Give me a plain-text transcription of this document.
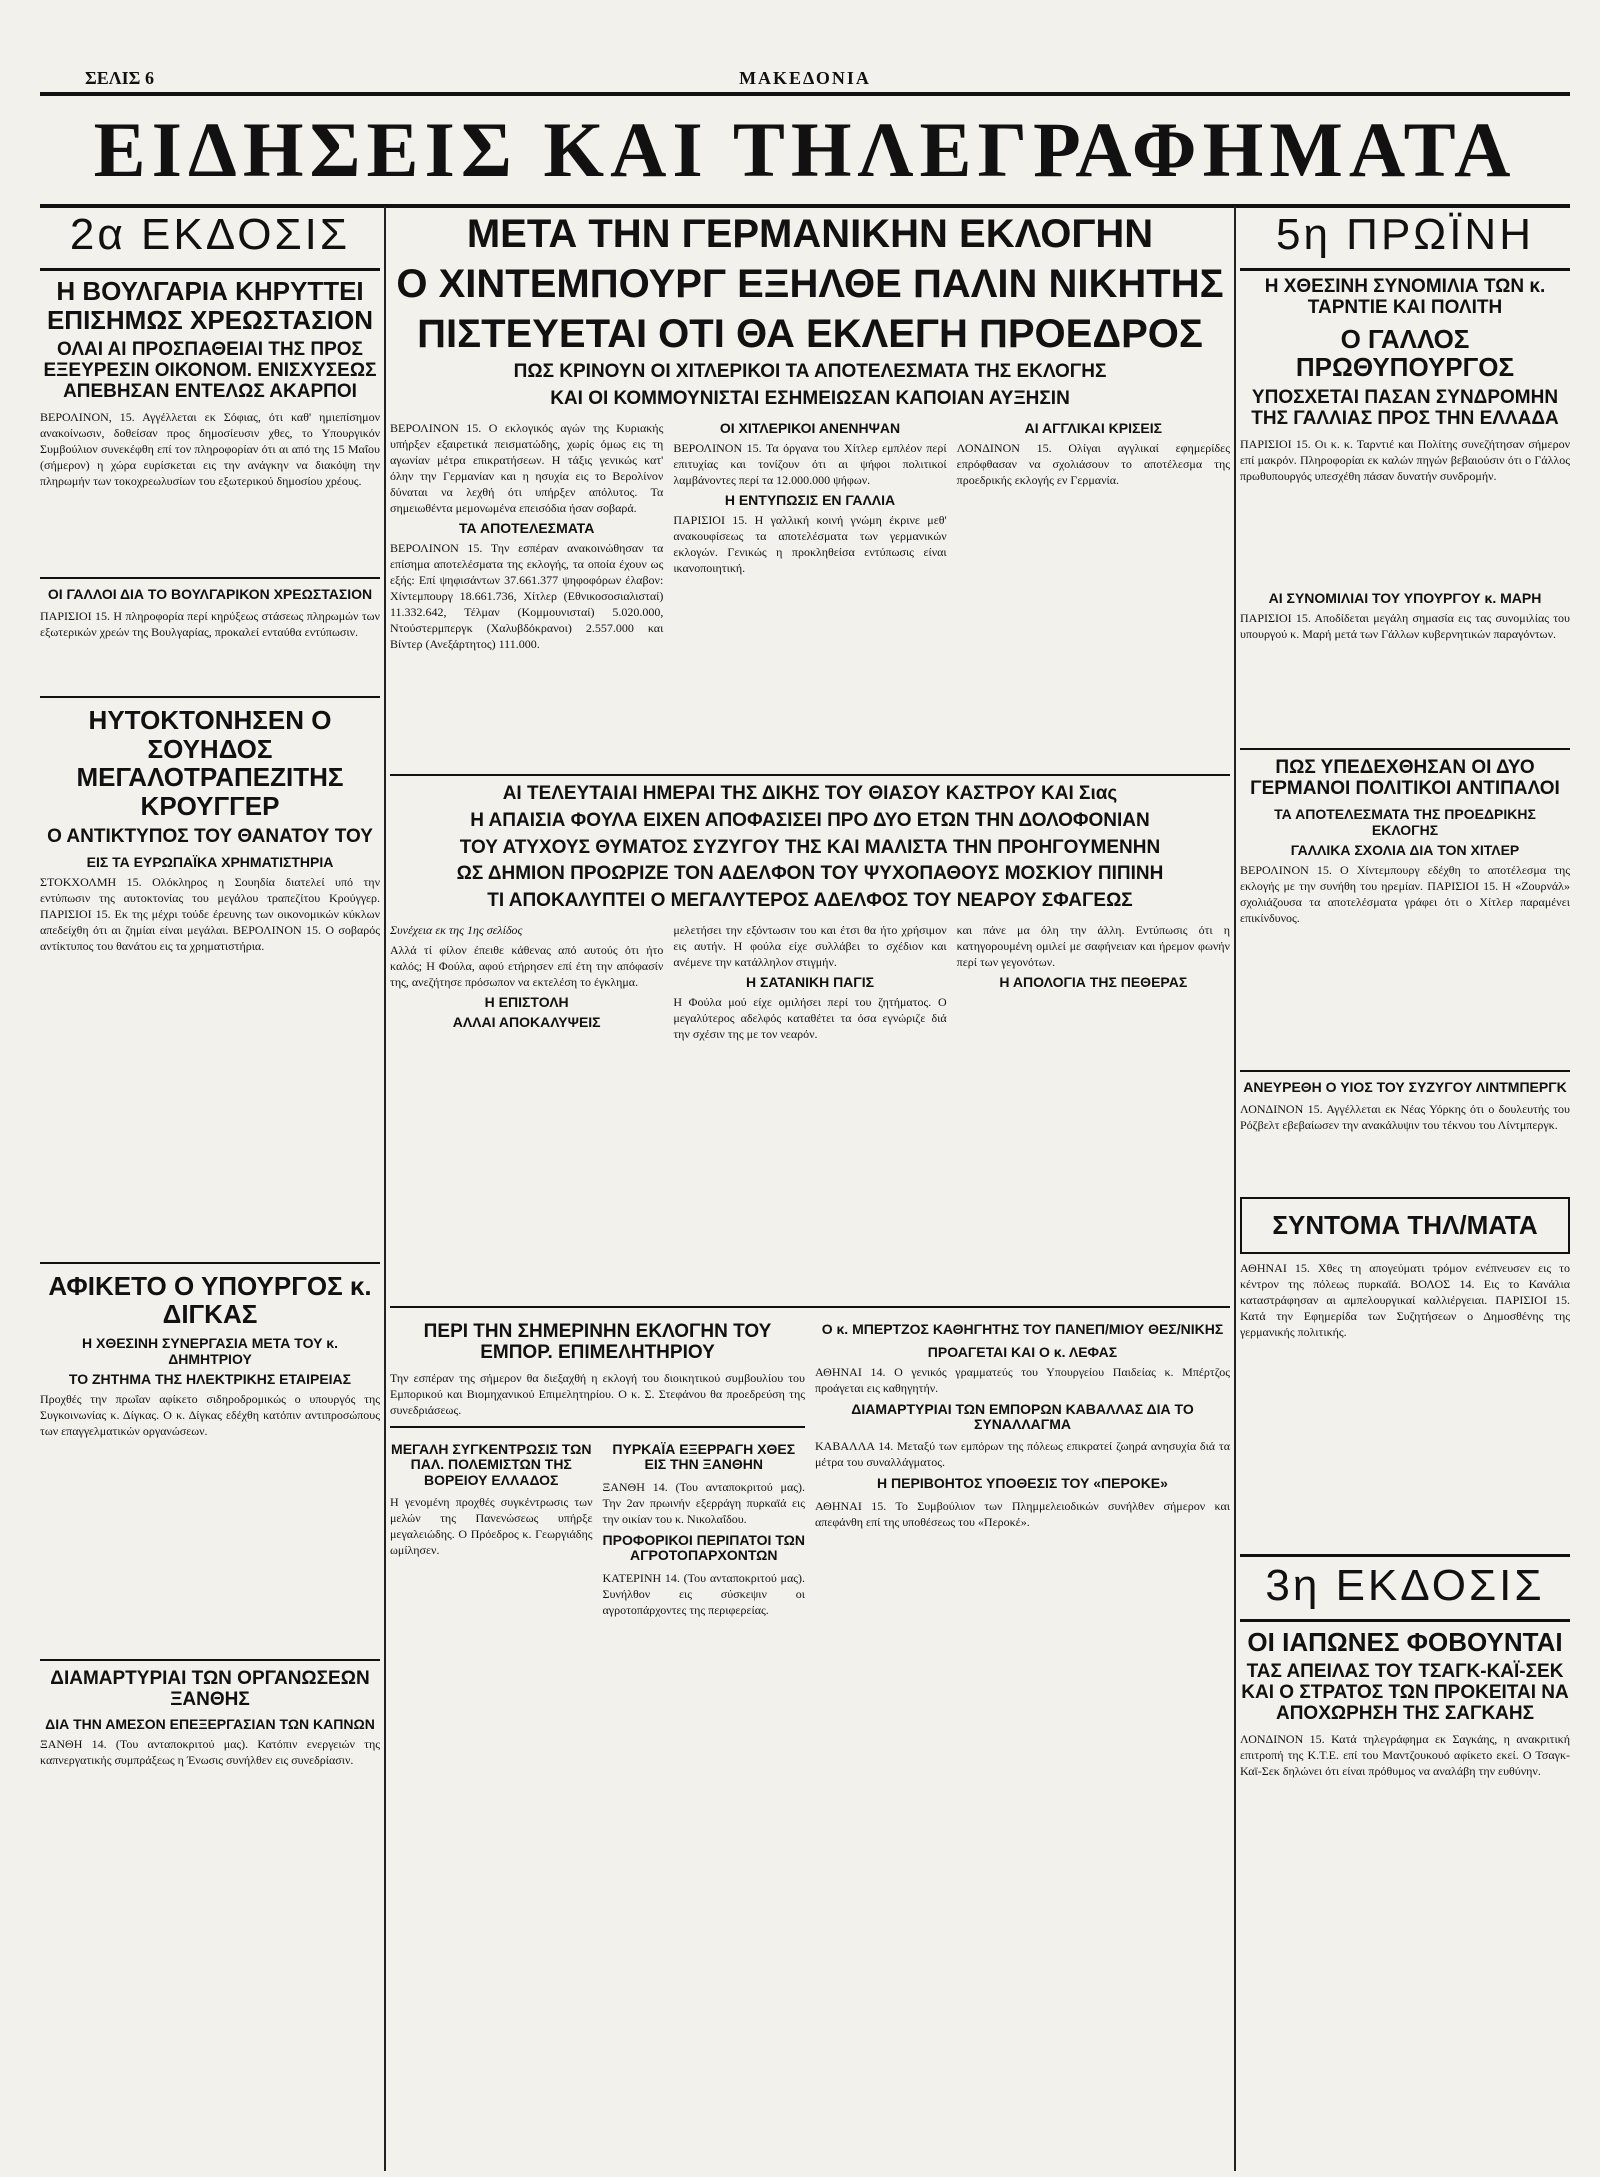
ΣΕΛΙΣ 6	ΜΑΚΕΔΟΝΙΑ
ΕΙΔΗΣΕΙΣ ΚΑΙ ΤΗΛΕΓΡΑΦΗΜΑΤΑ
2α ΕΚΔΟΣΙΣ
Η ΒΟΥΛΓΑΡΙΑ ΚΗΡΥΤΤΕΙ ΕΠΙΣΗΜΩΣ ΧΡΕΩΣΤΑΣΙΟΝ
ΟΛΑΙ ΑΙ ΠΡΟΣΠΑΘΕΙΑΙ ΤΗΣ ΠΡΟΣ ΕΞΕΥΡΕΣΙΝ ΟΙΚΟΝΟΜ. ΕΝΙΣΧΥΣΕΩΣ ΑΠΕΒΗΣΑΝ ΕΝΤΕΛΩΣ ΑΚΑΡΠΟΙ
ΒΕΡΟΛΙΝΟΝ, 15. Αγγέλλεται εκ Σόφιας, ότι καθ' ημιεπίσημον ανακοίνωσιν, δοθείσαν προς δημοσίευσιν χθες, το Υπουργικόν Συμβούλιον συνεκέφθη επί τον πληροφορίαν ότι αι από της 15 Μαΐου (σήμερον) η χώρα ευρίσκεται εις την ανάγκην να διακόψη την πληρωμήν των τοκοχρεωλυσίων του εξωτερικού δημοσίου χρέους.
ΟΙ ΓΑΛΛΟΙ ΔΙΑ ΤΟ ΒΟΥΛΓΑΡΙΚΟΝ ΧΡΕΩΣΤΑΣΙΟΝ
ΠΑΡΙΣΙΟΙ 15. Η πληροφορία περί κηρύξεως στάσεως πληρωμών των εξωτερικών χρεών της Βουλγαρίας, προκαλεί ενταύθα εντύπωσιν.
ΗΥΤΟΚΤΟΝΗΣΕΝ Ο ΣΟΥΗΔΟΣ ΜΕΓΑΛΟΤΡΑΠΕΖΙΤΗΣ ΚΡΟΥΓΓΕΡ
Ο ΑΝΤΙΚΤΥΠΟΣ ΤΟΥ ΘΑΝΑΤΟΥ ΤΟΥ
ΕΙΣ ΤΑ ΕΥΡΩΠΑΪΚΑ ΧΡΗΜΑΤΙΣΤΗΡΙΑ
ΣΤΟΚΧΟΛΜΗ 15. Ολόκληρος η Σουηδία διατελεί υπό την εντύπωσιν της αυτοκτονίας του μεγάλου τραπεζίτου Κρούγγερ. ΠΑΡΙΣΙΟΙ 15. Εκ της μέχρι τούδε έρευνης των οικονομικών κύκλων απεδείχθη ότι αι ζημίαι είναι μεγάλαι. ΒΕΡΟΛΙΝΟΝ 15. Ο σοβαρός αντίκτυπος του θανάτου εις τα χρηματιστήρια.
ΑΦΙΚΕΤΟ Ο ΥΠΟΥΡΓΟΣ κ. ΔΙΓΚΑΣ
Η ΧΘΕΣΙΝΗ ΣΥΝΕΡΓΑΣΙΑ ΜΕΤΑ ΤΟΥ κ. ΔΗΜΗΤΡΙΟΥ
ΤΟ ΖΗΤΗΜΑ ΤΗΣ ΗΛΕΚΤΡΙΚΗΣ ΕΤΑΙΡΕΙΑΣ
Προχθές την πρωΐαν αφίκετο σιδηροδρομικώς ο υπουργός της Συγκοινωνίας κ. Δίγκας. Ο κ. Δίγκας εδέχθη κατόπιν αντιπροσώπους των επαγγελματικών οργανώσεων.
ΔΙΑΜΑΡΤΥΡΙΑΙ ΤΩΝ ΟΡΓΑΝΩΣΕΩΝ ΞΑΝΘΗΣ
ΔΙΑ ΤΗΝ ΑΜΕΣΟΝ ΕΠΕΞΕΡΓΑΣΙΑΝ ΤΩΝ ΚΑΠΝΩΝ
ΞΑΝΘΗ 14. (Του ανταποκριτού μας). Κατόπιν ενεργειών της καπνεργατικής συμπράξεως η Ένωσις συνήλθεν εις συνεδρίασιν.
ΜΕΤΑ ΤΗΝ ΓΕΡΜΑΝΙΚΗΝ ΕΚΛΟΓΗΝ
Ο ΧΙΝΤΕΜΠΟΥΡΓ ΕΞΗΛΘΕ ΠΑΛΙΝ ΝΙΚΗΤΗΣ
ΠΙΣΤΕΥΕΤΑΙ ΟΤΙ ΘΑ ΕΚΛΕΓΗ ΠΡΟΕΔΡΟΣ
ΠΩΣ ΚΡΙΝΟΥΝ ΟΙ ΧΙΤΛΕΡΙΚΟΙ ΤΑ ΑΠΟΤΕΛΕΣΜΑΤΑ ΤΗΣ ΕΚΛΟΓΗΣ
ΚΑΙ ΟΙ ΚΟΜΜΟΥΝΙΣΤΑΙ ΕΣΗΜΕΙΩΣΑΝ ΚΑΠΟΙΑΝ ΑΥΞΗΣΙΝ
ΒΕΡΟΛΙΝΟΝ 15. Ο εκλογικός αγών της Κυριακής υπήρξεν εξαιρετικά πεισματώδης, χωρίς όμως εις τη αγωνίαν μέτρα επικρατήσεων. Η τάξις γενικώς κατ' όλην την Γερμανίαν και η ησυχία εις το Βερολίνον δύναται να λεχθή ότι υπήρξεν απόλυτος. Τα σημειωθέντα μεμονωμένα επεισόδια ήσαν σοβαρά.
ΤΑ ΑΠΟΤΕΛΕΣΜΑΤΑ
ΒΕΡΟΛΙΝΟΝ 15. Την εσπέραν ανακοινώθησαν τα επίσημα αποτελέσματα της εκλογής, τα οποία έχουν ως εξής: Επί ψηφισάντων 37.661.377 ψηφοφόρων έλαβον: Χίντεμπουργ 18.661.736, Χίτλερ (Εθνικοσοσιαλισταί) 11.332.642, Τέλμαν (Κομμουνισταί) 5.020.000, Ντούστερμπεργκ (Χαλυβδόκρανοι) 2.557.000 και Βίντερ (Ανεξάρτητος) 111.000.
ΟΙ ΧΙΤΛΕΡΙΚΟΙ ΑΝΕΝΗΨΑΝ
ΒΕΡΟΛΙΝΟΝ 15. Τα όργανα του Χίτλερ εμπλέον περί επιτυχίας και τονίζουν ότι αι ψήφοι πολιτικοί λαμβάνοντες περί τα 12.000.000 ψήφων.
Η ΕΝΤΥΠΩΣΙΣ ΕΝ ΓΑΛΛΙΑ
ΠΑΡΙΣΙΟΙ 15. Η γαλλική κοινή γνώμη έκρινε μεθ' ανακουφίσεως τα αποτελέσματα των γερμανικών εκλογών. Γενικώς η προκληθείσα εντύπωσις είναι ικανοποιητική.
ΑΙ ΑΓΓΛΙΚΑΙ ΚΡΙΣΕΙΣ
ΛΟΝΔΙΝΟΝ 15. Ολίγαι αγγλικαί εφημερίδες επρόφθασαν να σχολιάσουν το αποτέλεσμα της προεδρικής εκλογής εν Γερμανία.
ΑΙ ΤΕΛΕΥΤΑΙΑΙ ΗΜΕΡΑΙ ΤΗΣ ΔΙΚΗΣ ΤΟΥ ΘΙΑΣΟΥ ΚΑΣΤΡΟΥ ΚΑΙ Σιας
Η ΑΠΑΙΣΙΑ ΦΟΥΛΑ ΕΙΧΕΝ ΑΠΟΦΑΣΙΣΕΙ ΠΡΟ ΔΥΟ ΕΤΩΝ ΤΗΝ ΔΟΛΟΦΟΝΙΑΝ
ΤΟΥ ΑΤΥΧΟΥΣ ΘΥΜΑΤΟΣ ΣΥΖΥΓΟΥ ΤΗΣ ΚΑΙ ΜΑΛΙΣΤΑ ΤΗΝ ΠΡΟΗΓΟΥΜΕΝΗΝ
ΩΣ ΔΗΜΙΟΝ ΠΡΟΩΡΙΖΕ ΤΟΝ ΑΔΕΛΦΟΝ ΤΟΥ ΨΥΧΟΠΑΘΟΥΣ ΜΟΣΚΙΟΥ ΠΙΠΙΝΗ
ΤΙ ΑΠΟΚΑΛΥΠΤΕΙ Ο ΜΕΓΑΛΥΤΕΡΟΣ ΑΔΕΛΦΟΣ ΤΟΥ ΝΕΑΡΟΥ ΣΦΑΓΕΩΣ
Συνέχεια εκ της 1ης σελίδος
Αλλά τί φίλον έπειθε κάθενας από αυτούς ότι ήτο καλός; Η Φούλα, αφού ετήρησεν επί έτη την απόφασίν της, ανεζήτησε πρόσωπον να εκτελέση το έγκλημα.
Η ΕΠΙΣΤΟΛΗ
ΑΛΛΑΙ ΑΠΟΚΑΛΥΨΕΙΣ
μελετήσει την εξόντωσιν του και έτσι θα ήτο χρήσιμον εις αυτήν. Η φούλα είχε συλλάβει το σχέδιον και ανέμενε την κατάλληλον στιγμήν.
Η ΣΑΤΑΝΙΚΗ ΠΑΓΙΣ
Η Φούλα μού είχε ομιλήσει περί του ζητήματος. Ο μεγαλύτερος αδελφός καταθέτει τα όσα εγνώριζε διά την σχέσιν της με τον νεαρόν.
και πάνε μα όλη την άλλη. Εντύπωσις ότι η κατηγορουμένη ομιλεί με σαφήνειαν και ήρεμον φωνήν περί των γεγονότων.
Η ΑΠΟΛΟΓΙΑ ΤΗΣ ΠΕΘΕΡΑΣ
ΠΕΡΙ ΤΗΝ ΣΗΜΕΡΙΝΗΝ ΕΚΛΟΓΗΝ ΤΟΥ ΕΜΠΟΡ. ΕΠΙΜΕΛΗΤΗΡΙΟΥ
Την εσπέραν της σήμερον θα διεξαχθή η εκλογή του διοικητικού συμβουλίου του Εμπορικού και Βιομηχανικού Επιμελητηρίου. Ο κ. Σ. Στεφάνου θα προεδρεύση της συνεδριάσεως.
ΜΕΓΑΛΗ ΣΥΓΚΕΝΤΡΩΣΙΣ ΤΩΝ ΠΑΛ. ΠΟΛΕΜΙΣΤΩΝ ΤΗΣ ΒΟΡΕΙΟΥ ΕΛΛΑΔΟΣ
Η γενομένη προχθές συγκέντρωσις των μελών της Πανενώσεως υπήρξε μεγαλειώδης. Ο Πρόεδρος κ. Γεωργιάδης ωμίλησεν.
ΠΥΡΚΑΪΑ ΕΞΕΡΡΑΓΗ ΧΘΕΣ ΕΙΣ ΤΗΝ ΞΑΝΘΗΝ
ΞΑΝΘΗ 14. (Του ανταποκριτού μας). Την 2αν πρωινήν εξερράγη πυρκαϊά εις την οικίαν του κ. Νικολαΐδου.
ΠΡΟΦΟΡΙΚΟΙ ΠΕΡΙΠΑΤΟΙ ΤΩΝ ΑΓΡΟΤΟΠΑΡΧΟΝΤΩΝ
ΚΑΤΕΡΙΝΗ 14. (Του ανταποκριτού μας). Συνήλθον εις σύσκεψιν οι αγροτοπάρχοντες της περιφερείας.
Ο κ. ΜΠΕΡΤΖΟΣ ΚΑΘΗΓΗΤΗΣ ΤΟΥ ΠΑΝΕΠ/ΜΙΟΥ ΘΕΣ/ΝΙΚΗΣ
ΠΡΟΑΓΕΤΑΙ ΚΑΙ Ο κ. ΛΕΦΑΣ
ΑΘΗΝΑΙ 14. Ο γενικός γραμματεύς του Υπουργείου Παιδείας κ. Μπέρτζος προάγεται εις καθηγητήν.
ΔΙΑΜΑΡΤΥΡΙΑΙ ΤΩΝ ΕΜΠΟΡΩΝ ΚΑΒΑΛΛΑΣ ΔΙΑ ΤΟ ΣΥΝΑΛΛΑΓΜΑ
ΚΑΒΑΛΛΑ 14. Μεταξύ των εμπόρων της πόλεως επικρατεί ζωηρά ανησυχία διά τα μέτρα του συναλλάγματος.
Η ΠΕΡΙΒΟΗΤΟΣ ΥΠΟΘΕΣΙΣ ΤΟΥ «ΠΕΡΟΚΕ»
ΑΘΗΝΑΙ 15. Το Συμβούλιον των Πλημμελειοδικών συνήλθεν σήμερον και απεφάνθη επί της υποθέσεως του «Περοκέ».
5η ΠΡΩΪΝΗ
Η ΧΘΕΣΙΝΗ ΣΥΝΟΜΙΛΙΑ ΤΩΝ κ. ΤΑΡΝΤΙΕ ΚΑΙ ΠΟΛΙΤΗ
Ο ΓΑΛΛΟΣ ΠΡΩΘΥΠΟΥΡΓΟΣ
ΥΠΟΣΧΕΤΑΙ ΠΑΣΑΝ ΣΥΝΔΡΟΜΗΝ ΤΗΣ ΓΑΛΛΙΑΣ ΠΡΟΣ ΤΗΝ ΕΛΛΑΔΑ
ΠΑΡΙΣΙΟΙ 15. Οι κ. κ. Ταρντιέ και Πολίτης συνεζήτησαν σήμερον επί μακρόν. Πληροφορίαι εκ καλών πηγών βεβαιούσιν ότι ο Γάλλος πρωθυπουργός υπεσχέθη πάσαν δυνατήν συνδρομήν.
ΑΙ ΣΥΝΟΜΙΛΙΑΙ ΤΟΥ ΥΠΟΥΡΓΟΥ κ. ΜΑΡΗ
ΠΑΡΙΣΙΟΙ 15. Αποδίδεται μεγάλη σημασία εις τας συνομιλίας του υπουργού κ. Μαρή μετά των Γάλλων κυβερνητικών παραγόντων.
ΠΩΣ ΥΠΕΔΕΧΘΗΣΑΝ ΟΙ ΔΥΟ ΓΕΡΜΑΝΟΙ ΠΟΛΙΤΙΚΟΙ ΑΝΤΙΠΑΛΟΙ
ΤΑ ΑΠΟΤΕΛΕΣΜΑΤΑ ΤΗΣ ΠΡΟΕΔΡΙΚΗΣ ΕΚΛΟΓΗΣ
ΓΑΛΛΙΚΑ ΣΧΟΛΙΑ ΔΙΑ ΤΟΝ ΧΙΤΛΕΡ
ΒΕΡΟΛΙΝΟΝ 15. Ο Χίντεμπουργ εδέχθη το αποτέλεσμα της εκλογής με την συνήθη του ηρεμίαν. ΠΑΡΙΣΙΟΙ 15. Η «Ζουρνάλ» σχολιάζουσα τα αποτελέσματα γράφει ότι ο Χίτλερ παραμένει επικίνδυνος.
ΑΝΕΥΡΕΘΗ Ο ΥΙΟΣ ΤΟΥ ΣΥΖΥΓΟΥ ΛΙΝΤΜΠΕΡΓΚ
ΛΟΝΔΙΝΟΝ 15. Αγγέλλεται εκ Νέας Υόρκης ότι ο δουλευτής του Ρόζβελτ εβεβαίωσεν την ανακάλυψιν του τέκνου του Λίντμπεργκ.
ΣΥΝΤΟΜΑ ΤΗΛ/ΜΑΤΑ
ΑΘΗΝΑΙ 15. Χθες τη απογεύματι τρόμον ενέπνευσεν εις το κέντρον της πόλεως πυρκαϊά. ΒΟΛΟΣ 14. Εις το Κανάλια καταστράφησαν αι αμπελουργικαί καλλιέργειαι. ΠΑΡΙΣΙΟΙ 15. Κατά την Εφημερίδα των Συζητήσεων ο Δημοσθένης της γερμανικής πολιτικής.
3η ΕΚΔΟΣΙΣ
ΟΙ ΙΑΠΩΝΕΣ ΦΟΒΟΥΝΤΑΙ
ΤΑΣ ΑΠΕΙΛΑΣ ΤΟΥ ΤΣΑΓΚ-ΚΑΪ-ΣΕΚ ΚΑΙ Ο ΣΤΡΑΤΟΣ ΤΩΝ ΠΡΟΚΕΙΤΑΙ ΝΑ ΑΠΟΧΩΡΗΣΗ ΤΗΣ ΣΑΓΚΑΗΣ
ΛΟΝΔΙΝΟΝ 15. Κατά τηλεγράφημα εκ Σαγκάης, η ανακριτική επιτροπή της Κ.Τ.Ε. επί του Μαντζουκουό αφίκετο εκεί. Ο Τσαγκ-Καϊ-Σεκ δηλώνει ότι είναι πρόθυμος να αναλάβη την ευθύνην.
